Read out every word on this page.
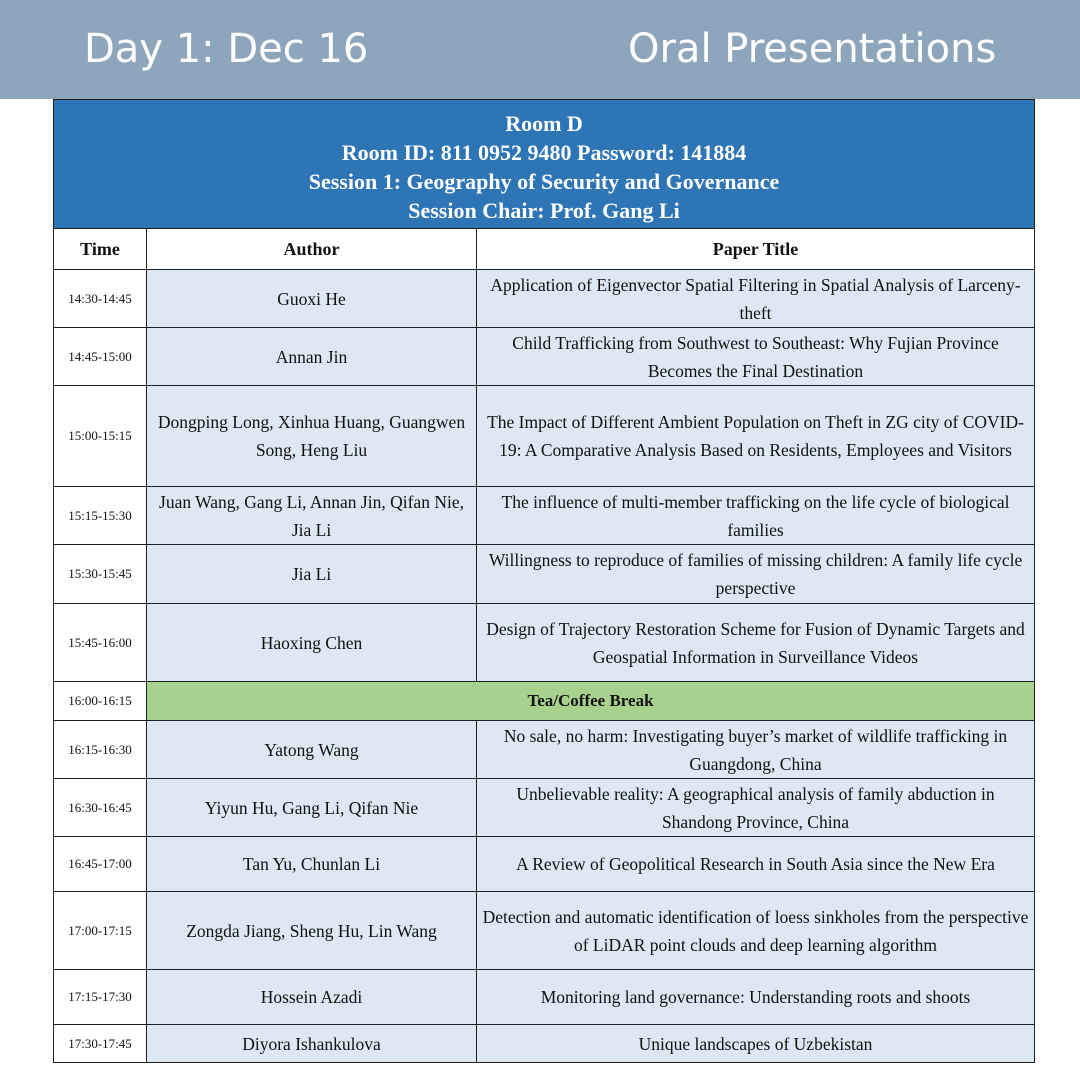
Day 1: Dec 16	Oral Presentations
Room D
Room ID: 811 0952 9480 Password: 141884
Session 1: Geography of Security and Governance
Session Chair: Prof. Gang Li		

Time	Author	Paper Title
14:30-14:45	Guoxi He	Application of Eigenvector Spatial Filtering in Spatial Analysis of Larceny-theft
14:45-15:00	Annan Jin	Child Trafficking from Southwest to Southeast: Why Fujian Province Becomes the Final Destination
15:00-15:15	Dongping Long, Xinhua Huang, Guangwen Song, Heng Liu	The Impact of Different Ambient Population on Theft in ZG city of COVID-19: A Comparative Analysis Based on Residents, Employees and Visitors
15:15-15:30	Juan Wang, Gang Li, Annan Jin, Qifan Nie, Jia Li	The influence of multi-member trafficking on the life cycle of biological families
15:30-15:45	Jia Li	Willingness to reproduce of families of missing children: A family life cycle perspective
15:45-16:00	Haoxing Chen	Design of Trajectory Restoration Scheme for Fusion of Dynamic Targets and Geospatial Information in Surveillance Videos
16:00-16:15	Tea/Coffee Break	
16:15-16:30	Yatong Wang	No sale, no harm: Investigating buyer’s market of wildlife trafficking in Guangdong, China
16:30-16:45	Yiyun Hu, Gang Li, Qifan Nie	Unbelievable reality: A geographical analysis of family abduction in Shandong Province, China
16:45-17:00	Tan Yu, Chunlan Li	A Review of Geopolitical Research in South Asia since the New Era
17:00-17:15	Zongda Jiang, Sheng Hu, Lin Wang	Detection and automatic identification of loess sinkholes from the perspective of LiDAR point clouds and deep learning algorithm
17:15-17:30	Hossein Azadi	Monitoring land governance: Understanding roots and shoots
17:30-17:45	Diyora Ishankulova	Unique landscapes of Uzbekistan
